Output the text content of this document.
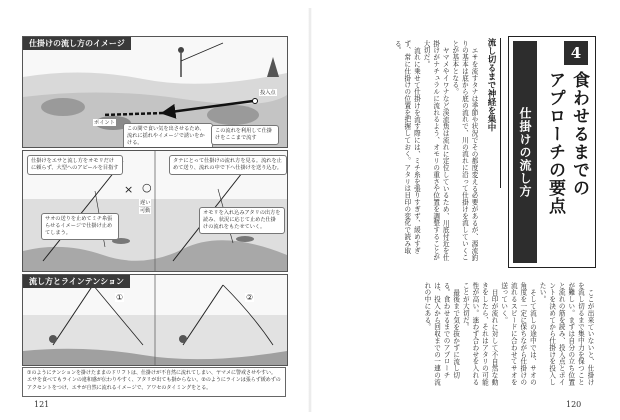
仕掛けの流し方のイメージ
ポイント
投入点
この間で食い気を出させるため、流れに揺れやイメージで誘いをかける。
この流れを利用して仕掛けをここまで流す
仕掛けをエサと流し方をオモリだけに頼らず、大型へのアピールを目指す
タナにとって仕掛けの流れ方を見る。流れを止めて送り、流れの中で下へ仕掛けを送り込む。
サオの送りを止めてミチ糸張らせるイメージで仕掛け止めてしまう。
オモリを入れ込みアタリの出方を読み、状況に応じて止めた仕掛けの流れをもたせていく。
× ○
遅い
可動
流し方とラインテンション
①	②

①のようにテンションを掛けたままのドリフトは、仕掛けが不自然に流れてしまい、ヤマメに警戒させやすい。

エサを食べてもラインの違和感が伝わりやすく、アタリが出ても掛からない。②のようにラインは張らず緩めずの

アクセントをつけ、エサが自然に流れるイメージで、アワセのタイミングをとる。

121
仕掛けの流し方
4
食わせるまでの
アプローチの要点
流し切るまで神経を集中

エサを流すタナは季節や状況でその都度変える必要があるが、源流釣りの基本は底から底の流れで、川の流れに沿って仕掛けを流していくことが基本となる。

ヤマメやイワナなど渓流魚は流れに定位しているため、川底付近を仕掛けがナチュラルに流れるよう、オモリの重さや位置を調整することが大切だ。

流れに乗せて仕掛けを流す際には、ミチ糸を張りすぎず、緩めすぎず、常に仕掛けの位置を把握しておく。アタリは目印の変化で読み取る。

ここが出来ていないと、仕掛けを流し切るまで集中力を保つことが難しい。まずは自分の立ち位置と流れの筋を読み、投入点とポイントを決めてから仕掛けを投入したい。

そして流しの途中では、サオの角度を一定に保ちながら仕掛けの流れるスピードに合わせてサオを送っていく。

目印が流れに対して不自然な動きをしたら、それはアタリの可能性が高い。迷わず合わせを入れることが大切だ。

最後まで気を抜かずに流し切る。食わせるまでのアプローチは、投入から回収までの一連の流れの中にある。

120
